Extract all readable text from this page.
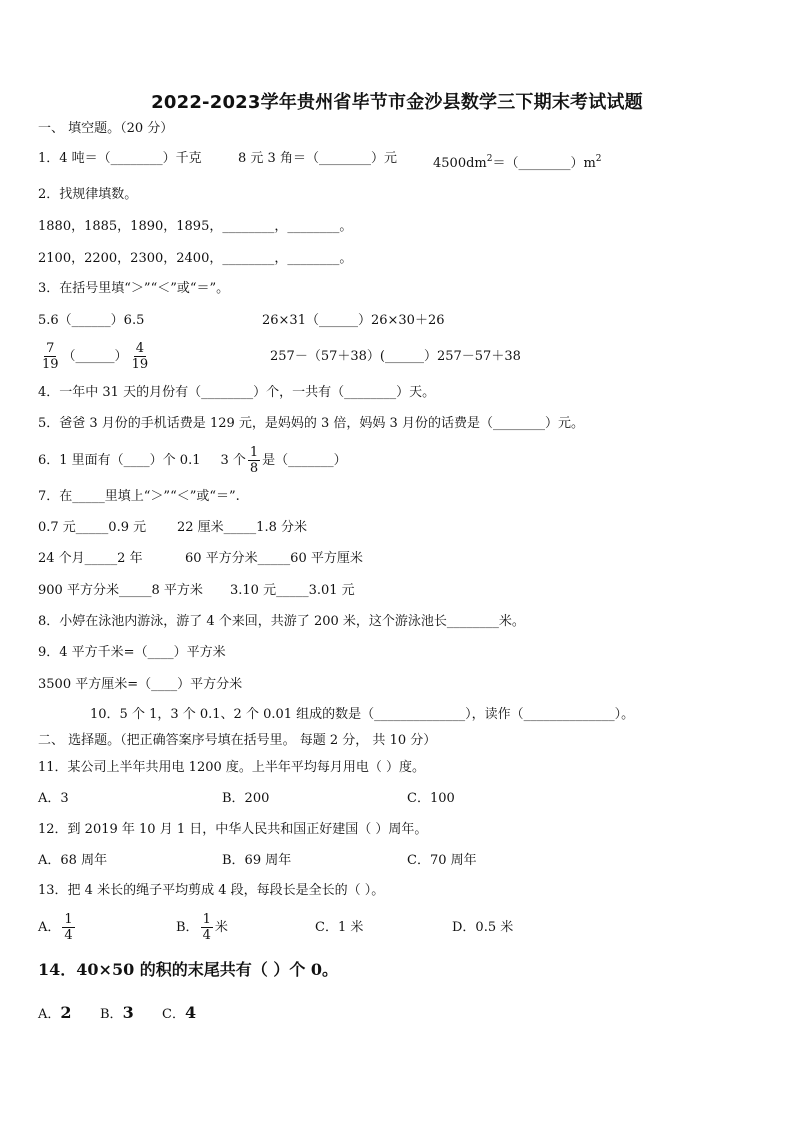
2022-2023学年贵州省毕节市金沙县数学三下期末考试试题
一、 填空题。（20 分）
1．4 吨＝（________）千克	8 元 3 角＝（________）元	$4500dm^2=(\_\_\_\_\_\_\_\_)m^2$
2．找规律填数。
1880，1885，1890，1895，________，________。
2100，2200，2300，2400，________，________。
3．在括号里填“＞”“＜”或“＝”。
5.6（______）6.5	26×31（______）26×30＋26
$\frac{7}{19}$ （______） $\frac{4}{19}$	257－（57＋38）(______）257－57＋38
4．一年中 31 天的月份有（________）个，一共有（________）天。
5．爸爸 3 月份的手机话费是 129 元，是妈妈的 3 倍，妈妈 3 月份的话费是（________）元。
6．1 里面有（____）个 0.1 3 个 $\frac{1}{8}$ 是（_______）
7．在_____里填上“＞”“＜”或“＝”.
0.7 元_____0.9 元 22 厘米_____1.8 分米
24 个月_____2 年	60 平方分米_____60 平方厘米
900 平方分米_____8 平方米 3.10 元_____3.01 元
8．小婷在泳池内游泳，游了 4 个来回，共游了 200 米，这个游泳池长________米。
9．4 平方千米=（____）平方米
3500 平方厘米=（____）平方分米
10．5 个 1，3 个 0.1、2 个 0.01 组成的数是（______________），读作（______________）。
二、 选择题。（把正确答案序号填在括号里。 每题 2 分， 共 10 分）
11．某公司上半年共用电 1200 度。上半年平均每月用电（ ）度。
A．3	B．200	C．100
12．到 2019 年 10 月 1 日，中华人民共和国正好建国（ ）周年。
A．68 周年	B．69 周年	C．70 周年
13．把 4 米长的绳子平均剪成 4 段，每段长是全长的（ ）。
A． $\frac{1}{4}$	B． $\frac{1}{4}$ 米	C．1 米	D．0.5 米
14．40×50 的积的末尾共有（ ）个 0。
A．2 B．3 C．4
